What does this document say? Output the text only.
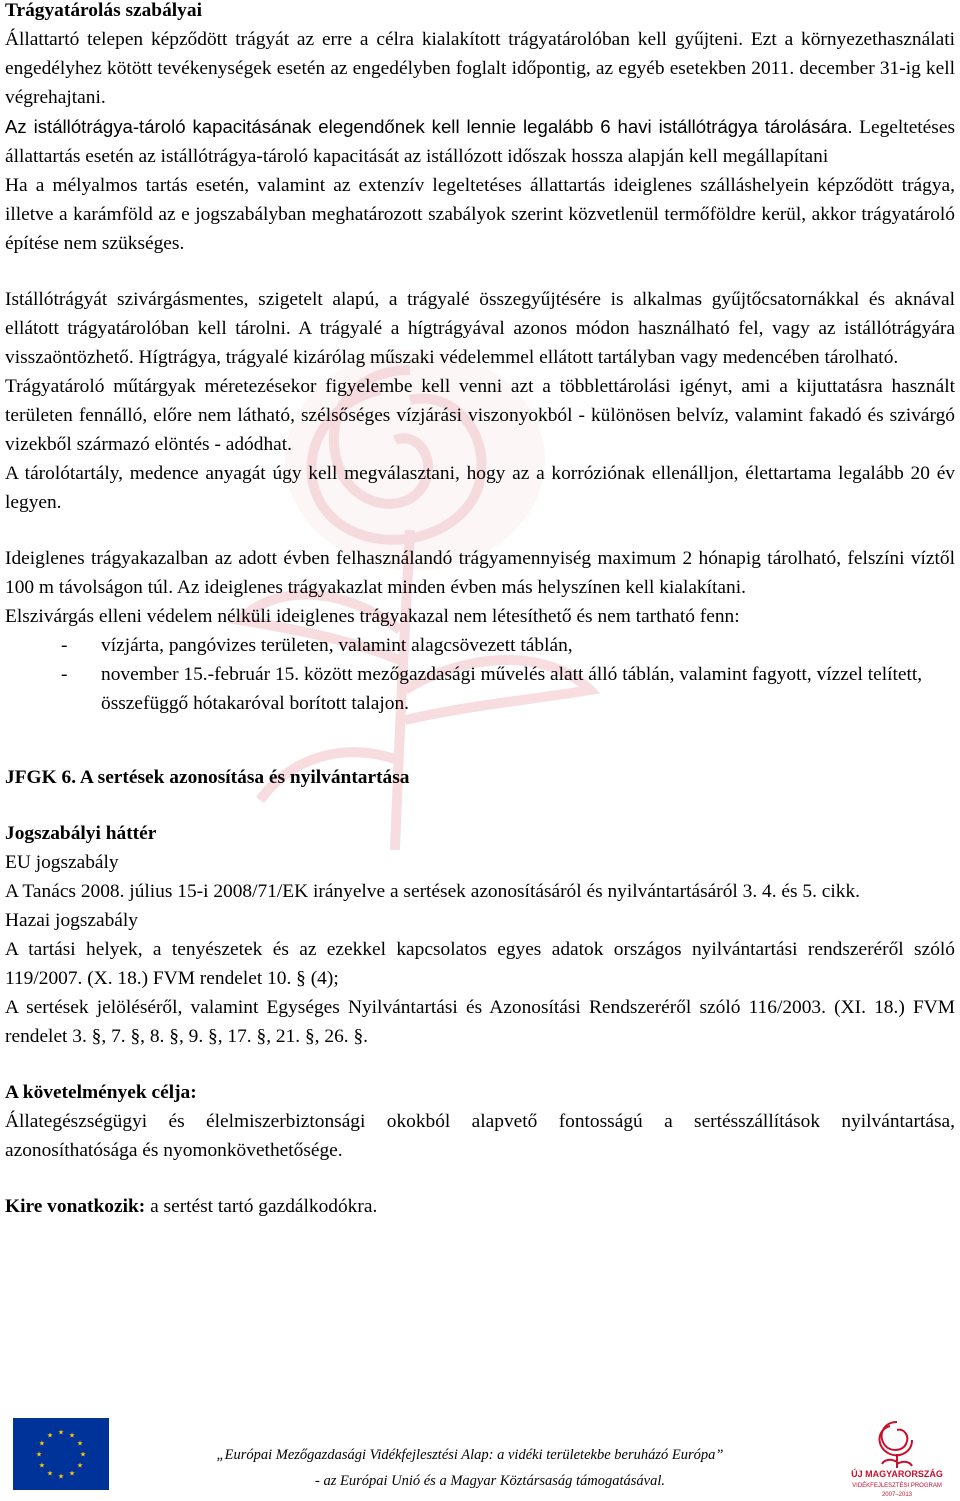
Trágyatárolás szabályai

Állattartó telepen képződött trágyát az erre a célra kialakított trágyatárolóban kell gyűjteni. Ezt a környezethasználati engedélyhez kötött tevékenységek esetén az engedélyben foglalt időpontig, az egyéb esetekben 2011. december 31-ig kell végrehajtani.

Az istállótrágya-tároló kapacitásának elegendőnek kell lennie legalább 6 havi istállótrágya tárolására. Legeltetéses állattartás esetén az istállótrágya-tároló kapacitását az istállózott időszak hossza alapján kell megállapítani

Ha a mélyalmos tartás esetén, valamint az extenzív legeltetéses állattartás ideiglenes szálláshelyein képződött trágya, illetve a karámföld az e jogszabályban meghatározott szabályok szerint közvetlenül termőföldre kerül, akkor trágyatároló építése nem szükséges.

Istállótrágyát szivárgásmentes, szigetelt alapú, a trágyalé összegyűjtésére is alkalmas gyűjtőcsatornákkal és aknával ellátott trágyatárolóban kell tárolni. A trágyalé a hígtrágyával azonos módon használható fel, vagy az istállótrágyára visszaöntözhető. Hígtrágya, trágyalé kizárólag műszaki védelemmel ellátott tartályban vagy medencében tárolható.

Trágyatároló műtárgyak méretezésekor figyelembe kell venni azt a többlettárolási igényt, ami a kijuttatásra használt területen fennálló, előre nem látható, szélsőséges vízjárási viszonyokból - különösen belvíz, valamint fakadó és szivárgó vizekből származó elöntés - adódhat.

A tárolótartály, medence anyagát úgy kell megválasztani, hogy az a korróziónak ellenálljon, élettartama legalább 20 év legyen.

Ideiglenes trágyakazalban az adott évben felhasználandó trágyamennyiség maximum 2 hónapig tárolható, felszíni víztől 100 m távolságon túl. Az ideiglenes trágyakazlat minden évben más helyszínen kell kialakítani.

Elszivárgás elleni védelem nélküli ideiglenes trágyakazal nem létesíthető és nem tartható fenn:

- vízjárta, pangóvizes területen, valamint alagcsövezett táblán,
- november 15.-február 15. között mezőgazdasági művelés alatt álló táblán, valamint fagyott, vízzel telített, összefüggő hótakaróval borított talajon.

JFGK 6. A sertések azonosítása és nyilvántartása

Jogszabályi háttér

EU jogszabály

A Tanács 2008. július 15-i 2008/71/EK irányelve a sertések azonosításáról és nyilvántartásáról 3. 4. és 5. cikk.

Hazai jogszabály

A tartási helyek, a tenyészetek és az ezekkel kapcsolatos egyes adatok országos nyilvántartási rendszeréről szóló 119/2007. (X. 18.) FVM rendelet 10. § (4);

A sertések jelöléséről, valamint Egységes Nyilvántartási és Azonosítási Rendszeréről szóló 116/2003. (XI. 18.) FVM rendelet 3. §, 7. §, 8. §, 9. §, 17. §, 21. §, 26. §.

A követelmények célja:

Állategészségügyi és élelmiszerbiztonsági okokból alapvető fontosságú a sertésszállítások nyilvántartása, azonosíthatósága és nyomonkövethetősége.

Kire vonatkozik: a sertést tartó gazdálkodókra.

★ ★
★
★
★
★
★
★
★
★
★
★
„Európai Mezőgazdasági Vidékfejlesztési Alap: a vidéki területekbe beruházó Európa”
- az Európai Unió és a Magyar Köztársaság támogatásával.	ÚJ MAGYARORSZÁG
VIDÉKFEJLESZTÉSI PROGRAM
2007–2013
